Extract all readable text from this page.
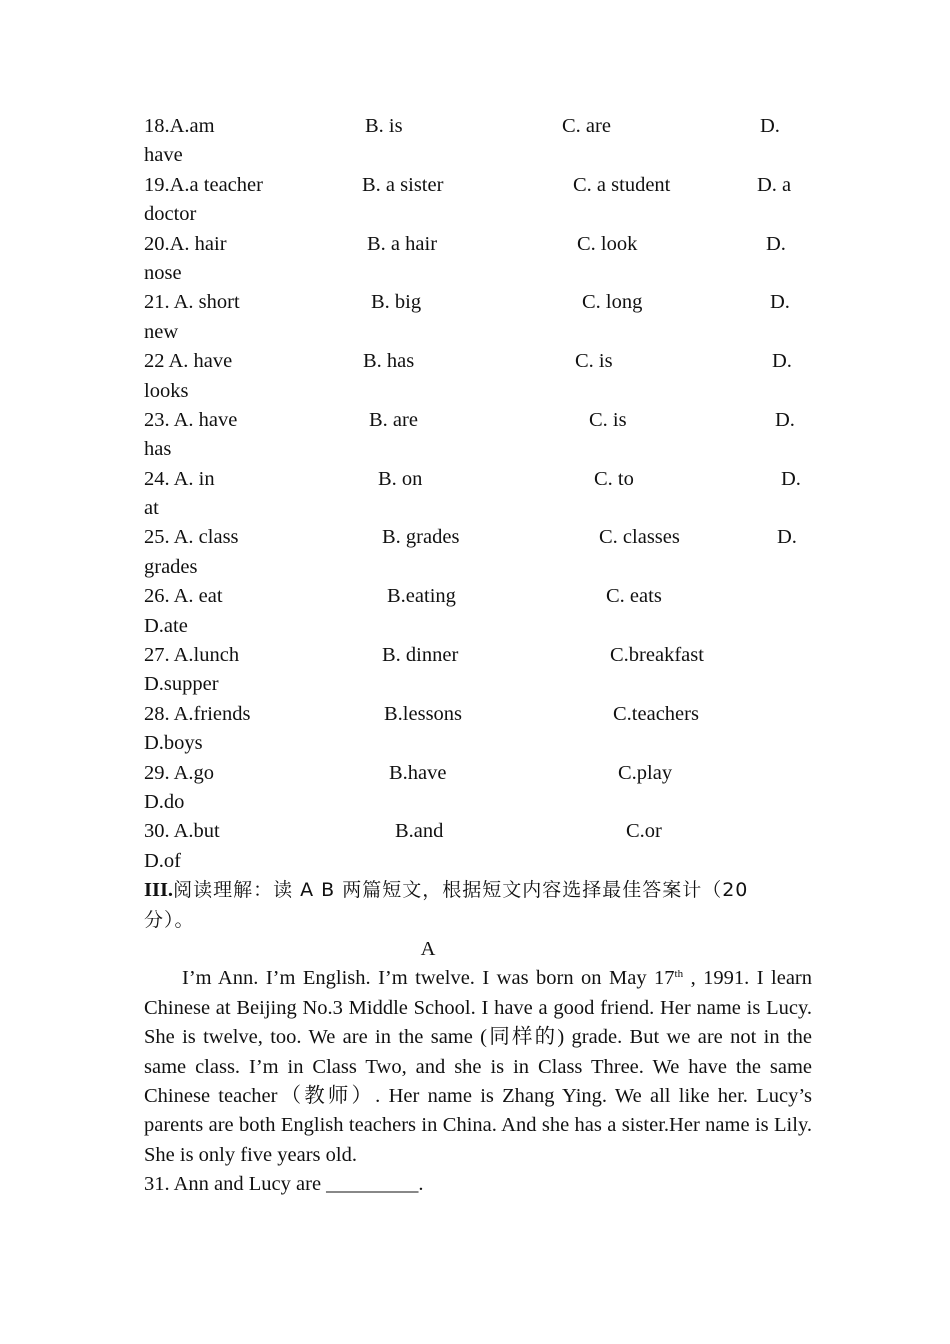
18.A.am	B. is	C. are	D.
have
19.A.a teacher	B. a sister	C. a student	D. a
doctor
20.A. hair	B. a hair	C. look	D.
nose
21. A. short	B. big	C. long	D.
new
22 A. have	B. has	C. is	D.
looks
23. A. have	B. are	C. is	D.
has
24. A. in	B. on	C. to	D.
at
25. A. class	B. grades	C. classes	D.
grades
26. A. eat	B.eating	C. eats
D.ate
27. A.lunch	B. dinner	C.breakfast
D.supper
28. A.friends	B.lessons	C.teachers
D.boys
29. A.go	B.have	C.play
D.do
30. A.but	B.and	C.or
D.of
III.阅读理解：读 A B 两篇短文，根据短文内容选择最佳答案计（20
分）。
A

I’m Ann. I’m English. I’m twelve. I was born on May 17th , 1991. I learn Chinese at Beijing No.3 Middle School. I have a good friend. Her name is Lucy. She is twelve, too. We are in the same (同样的) grade. But we are not in the same class. I’m in Class Two, and she is in Class Three. We have the same Chinese teacher（教师）. Her name is Zhang Ying. We all like her. Lucy’s parents are both English teachers in China. And she has a sister.Her name is Lily. She is only five years old.

31. Ann and Lucy are _________.
